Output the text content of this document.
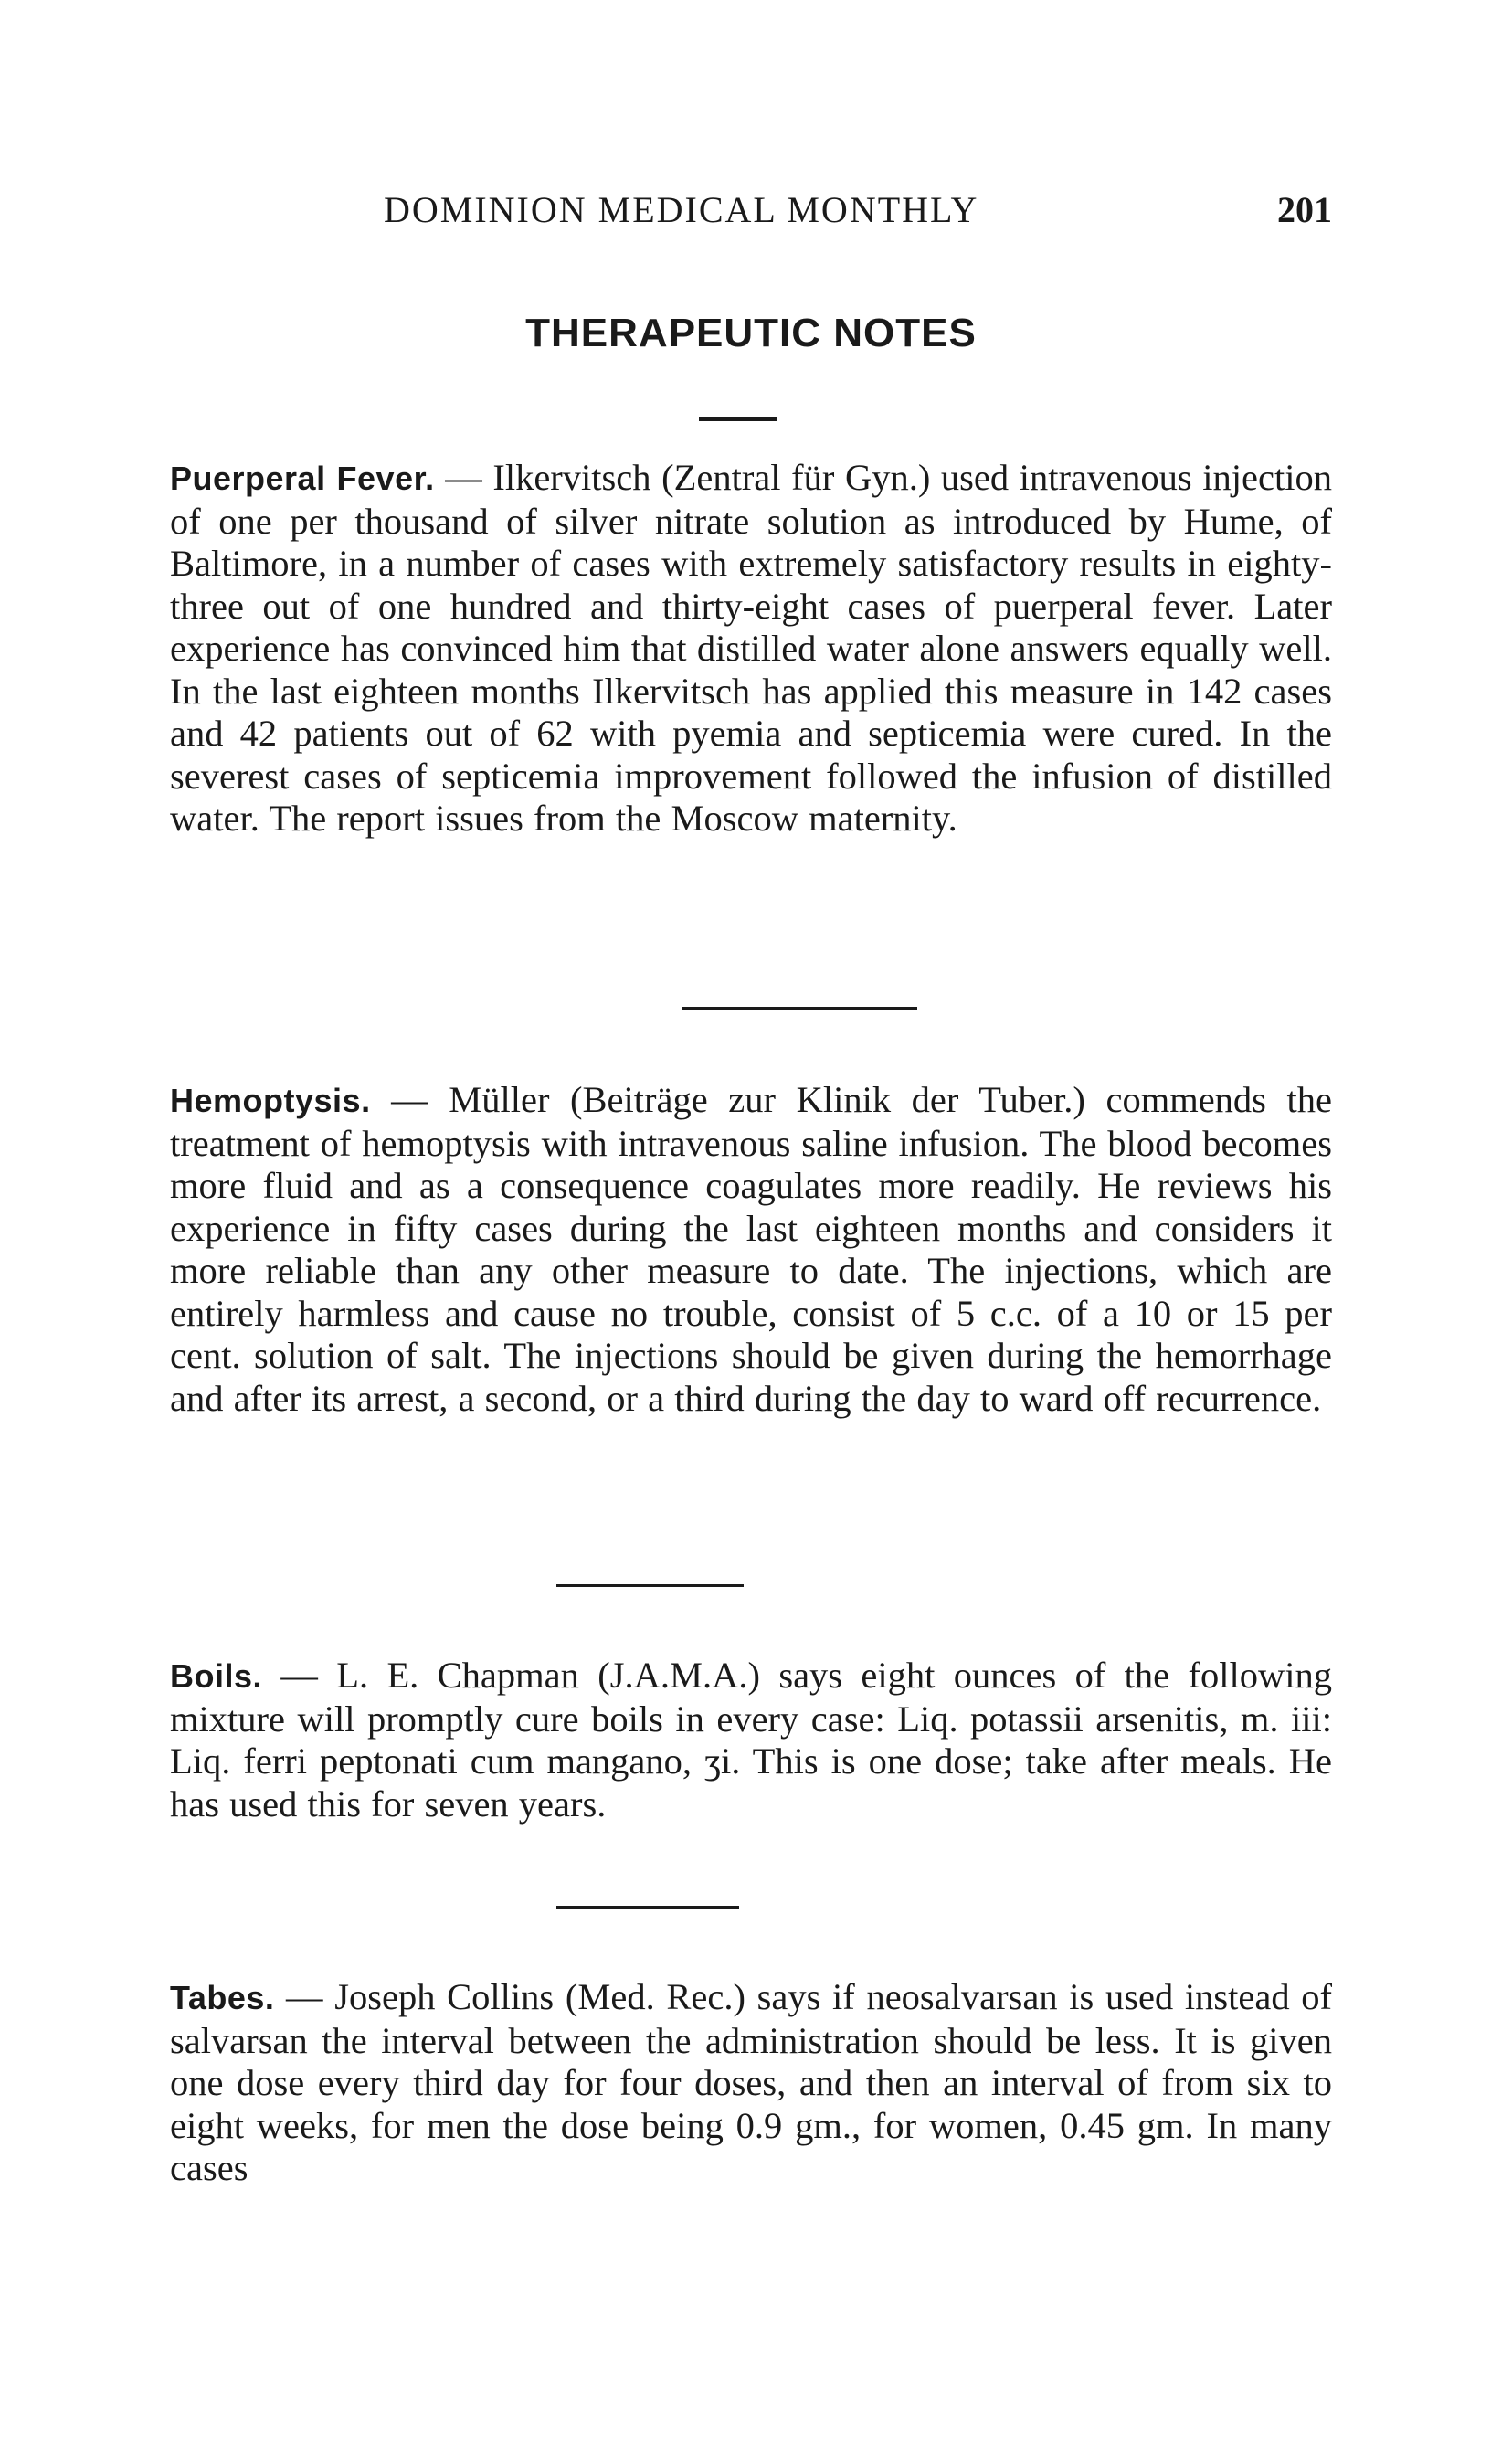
DOMINION MEDICAL MONTHLY	201
THERAPEUTIC NOTES
Puerperal Fever. — Ilkervitsch (Zentral für Gyn.) used intravenous injection of one per thousand of silver nitrate solution as introduced by Hume, of Baltimore, in a number of cases with extremely satisfactory results in eighty-three out of one hundred and thirty-eight cases of puerperal fever. Later experience has convinced him that distilled water alone answers equally well. In the last eighteen months Ilkervitsch has applied this measure in 142 cases and 42 patients out of 62 with pyemia and septicemia were cured. In the severest cases of septicemia improvement followed the infusion of distilled water. The report issues from the Moscow maternity.
Hemoptysis. — Müller (Beiträge zur Klinik der Tuber.) commends the treatment of hemoptysis with intravenous saline infusion. The blood becomes more fluid and as a consequence coagulates more readily. He reviews his experience in fifty cases during the last eighteen months and considers it more reliable than any other measure to date. The injections, which are entirely harmless and cause no trouble, consist of 5 c.c. of a 10 or 15 per cent. solution of salt. The injections should be given during the hemorrhage and after its arrest, a second, or a third during the day to ward off recurrence.
Boils. — L. E. Chapman (J.A.M.A.) says eight ounces of the following mixture will promptly cure boils in every case: Liq. potassii arsenitis, m. iii: Liq. ferri peptonati cum mangano, ʒi. This is one dose; take after meals. He has used this for seven years.
Tabes. — Joseph Collins (Med. Rec.) says if neosalvarsan is used instead of salvarsan the interval between the administration should be less. It is given one dose every third day for four doses, and then an interval of from six to eight weeks, for men the dose being 0.9 gm., for women, 0.45 gm. In many cases
